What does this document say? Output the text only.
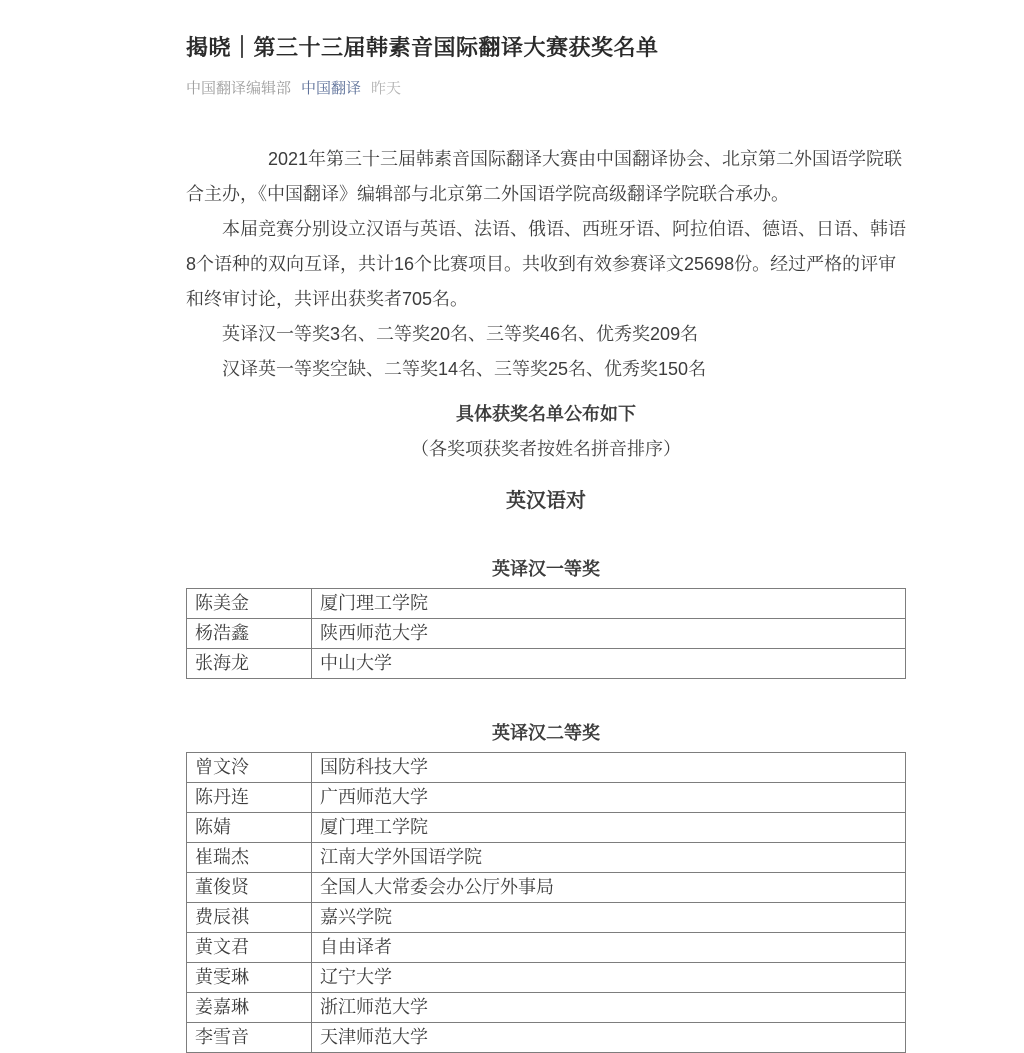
揭晓｜第三十三届韩素音国际翻译大赛获奖名单
中国翻译编辑部 中国翻译 昨天

2021年第三十三届韩素音国际翻译大赛由中国翻译协会、北京第二外国语学院联合主办，《中国翻译》编辑部与北京第二外国语学院高级翻译学院联合承办。

本届竞赛分别设立汉语与英语、法语、俄语、西班牙语、阿拉伯语、德语、日语、韩语8个语种的双向互译，共计16个比赛项目。共收到有效参赛译文25698份。经过严格的评审和终审讨论，共评出获奖者705名。

英译汉一等奖3名、二等奖20名、三等奖46名、优秀奖209名

汉译英一等奖空缺、二等奖14名、三等奖25名、优秀奖150名

具体获奖名单公布如下

（各奖项获奖者按姓名拼音排序）

英汉语对
英译汉一等奖
陈美金	厦门理工学院
杨浩鑫	陕西师范大学
张海龙	中山大学
英译汉二等奖
曾文泠	国防科技大学
陈丹连	广西师范大学
陈婧	厦门理工学院
崔瑞杰	江南大学外国语学院
董俊贤	全国人大常委会办公厅外事局
费辰祺	嘉兴学院
黄文君	自由译者
黄雯琳	辽宁大学
姜嘉琳	浙江师范大学
李雪音	天津师范大学
